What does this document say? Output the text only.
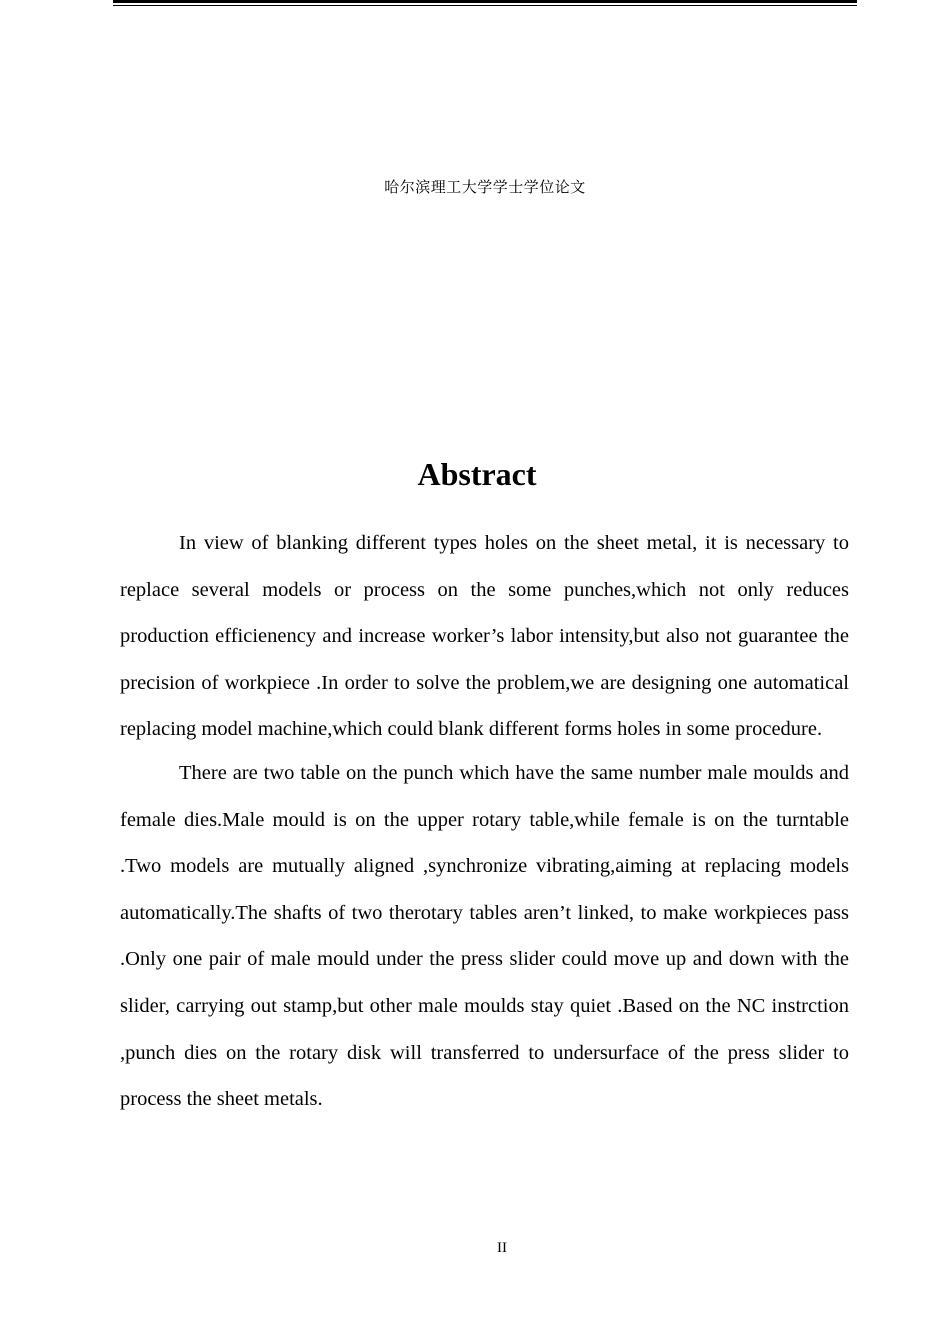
哈尔滨理工大学学士学位论文
Abstract

In view of blanking different types holes on the sheet metal, it is necessary to replace several models or process on the some punches,which not only reduces production efficienency and increase worker’s labor intensity,but also not guarantee the precision of workpiece .In order to solve the problem,we are designing one automatical replacing model machine,which could blank different forms holes in some procedure.

There are two table on the punch which have the same number male moulds and female dies.Male mould is on the upper rotary table,while female is on the turntable .Two models are mutually aligned ,synchronize vibrating,aiming at replacing models automatically.The shafts of two therotary tables aren’t linked, to make workpieces pass .Only one pair of male mould under the press slider could move up and down with the slider, carrying out stamp,but other male moulds stay quiet .Based on the NC instrction ,punch dies on the rotary disk will transferred to undersurface of the press slider to process the sheet metals.

II
